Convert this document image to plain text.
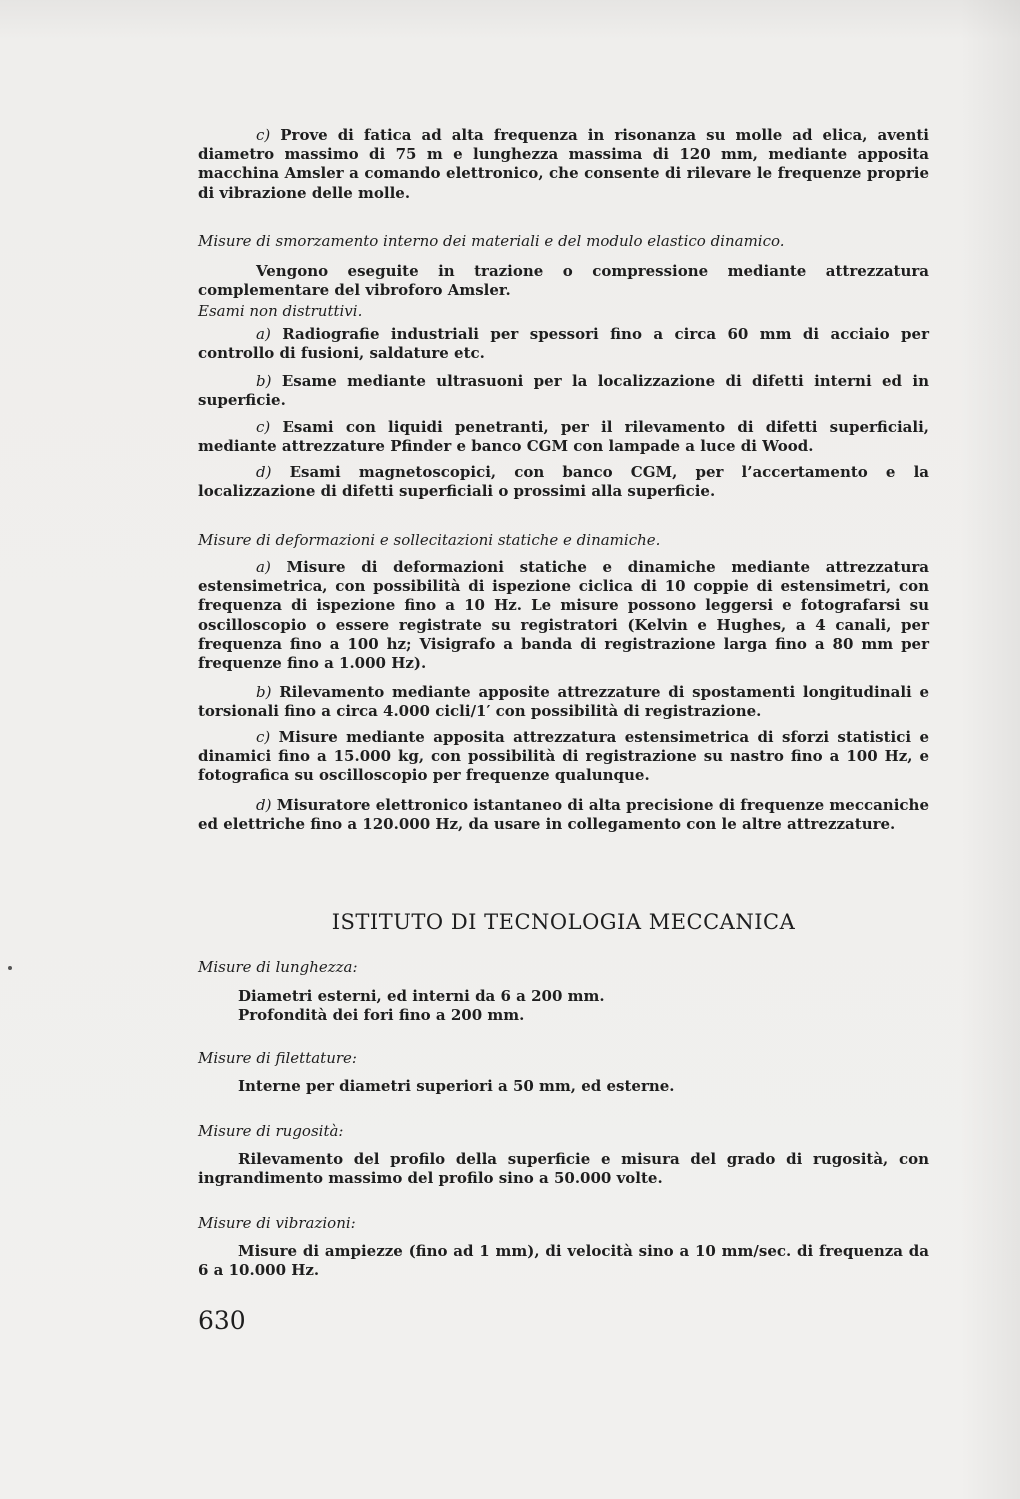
c) Prove di fatica ad alta frequenza in risonanza su molle ad elica, aventi diametro massimo di 75 m e lunghezza massima di 120 mm, mediante apposita macchina Amsler a comando elettronico, che consente di rilevare le frequenze proprie di vibrazione delle molle.

Misure di smorzamento interno dei materiali e del modulo elastico dinamico.

Vengono eseguite in trazione o compressione mediante attrezzatura complementare del vibroforo Amsler.

Esami non distruttivi.

a) Radiografie industriali per spessori fino a circa 60 mm di acciaio per controllo di fusioni, saldature etc.

b) Esame mediante ultrasuoni per la localizzazione di difetti interni ed in superficie.

c) Esami con liquidi penetranti, per il rilevamento di difetti superficiali, mediante attrezzature Pfinder e banco CGM con lampade a luce di Wood.

d) Esami magnetoscopici, con banco CGM, per l’accertamento e la localizzazione di difetti superficiali o prossimi alla superficie.

Misure di deformazioni e sollecitazioni statiche e dinamiche.

a) Misure di deformazioni statiche e dinamiche mediante attrezzatura estensimetrica, con possibilità di ispezione ciclica di 10 coppie di estensimetri, con frequenza di ispezione fino a 10 Hz. Le misure possono leggersi e fotografarsi su oscilloscopio o essere registrate su registratori (Kelvin e Hughes, a 4 canali, per frequenza fino a 100 hz; Visigrafo a banda di registrazione larga fino a 80 mm per frequenze fino a 1.000 Hz).

b) Rilevamento mediante apposite attrezzature di spostamenti longitudinali e torsionali fino a circa 4.000 cicli/1′ con possibilità di registrazione.

c) Misure mediante apposita attrezzatura estensimetrica di sforzi statistici e dinamici fino a 15.000 kg, con possibilità di registrazione su nastro fino a 100 Hz, e fotografica su oscilloscopio per frequenze qualunque.

d) Misuratore elettronico istantaneo di alta precisione di frequenze meccaniche ed elettriche fino a 120.000 Hz, da usare in collegamento con le altre attrezzature.

ISTITUTO DI TECNOLOGIA MECCANICA

Misure di lunghezza:

Diametri esterni, ed interni da 6 a 200 mm.

Profondità dei fori fino a 200 mm.

Misure di filettature:

Interne per diametri superiori a 50 mm, ed esterne.

Misure di rugosità:

Rilevamento del profilo della superficie e misura del grado di rugosità, con ingrandimento massimo del profilo sino a 50.000 volte.

Misure di vibrazioni:

Misure di ampiezze (fino ad 1 mm), di velocità sino a 10 mm/sec. di frequenza da 6 a 10.000 Hz.

630
